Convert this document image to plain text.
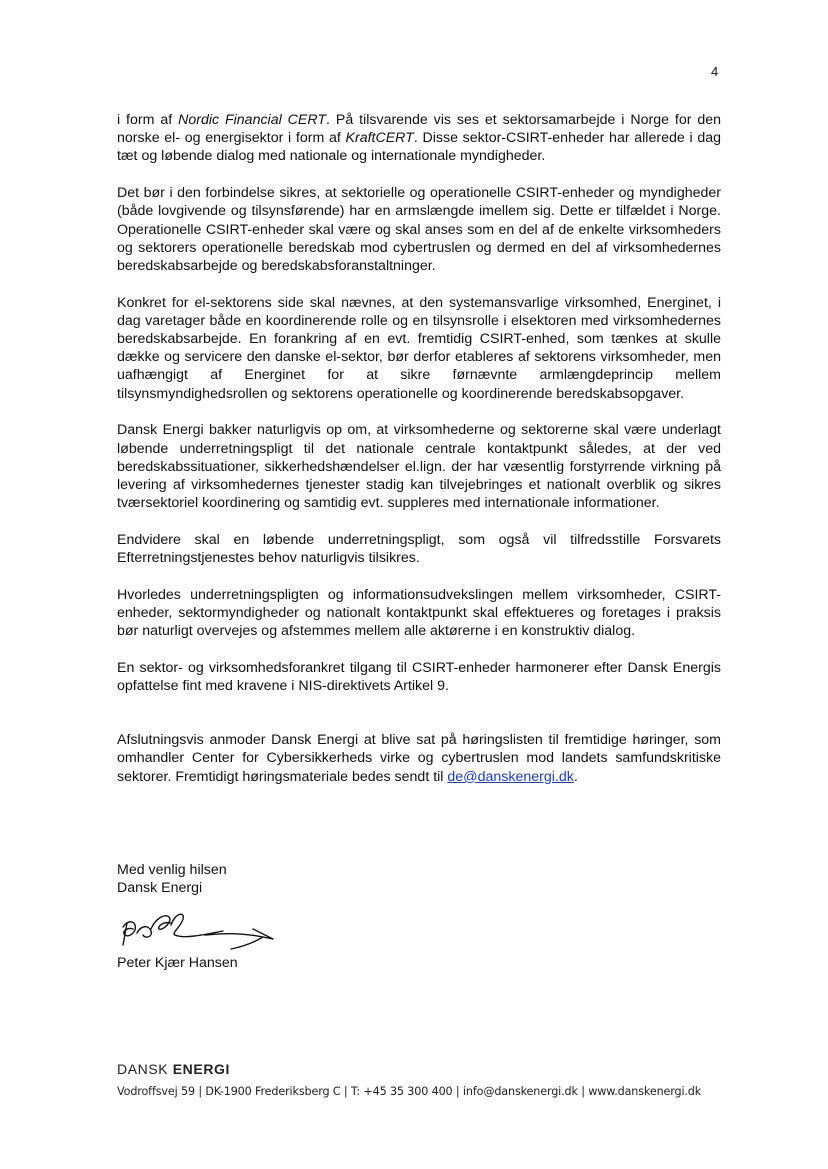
4

i form af Nordic Financial CERT. På tilsvarende vis ses et sektorsamarbejde i Norge for den norske el- og energisektor i form af KraftCERT. Disse sektor-CSIRT-enheder har allerede i dag tæt og løbende dialog med nationale og internationale myndigheder.

Det bør i den forbindelse sikres, at sektorielle og operationelle CSIRT-enheder og myndigheder (både lovgivende og tilsynsførende) har en armslængde imellem sig. Dette er tilfældet i Norge. Operationelle CSIRT-enheder skal være og skal anses som en del af de enkelte virksomheders og sektorers operationelle beredskab mod cybertruslen og dermed en del af virksomhedernes beredskabsarbejde og beredskabsforanstaltninger.

Konkret for el-sektorens side skal nævnes, at den systemansvarlige virksomhed, Energinet, i dag varetager både en koordinerende rolle og en tilsynsrolle i elsektoren med virksomhedernes beredskabsarbejde. En forankring af en evt. fremtidig CSIRT-enhed, som tænkes at skulle dække og servicere den danske el-sektor, bør derfor etableres af sektorens virksomheder, men uafhængigt af Energinet for at sikre førnævnte armlængdeprincip mellem tilsynsmyndighedsrollen og sektorens operationelle og koordinerende beredskabsopgaver.

Dansk Energi bakker naturligvis op om, at virksomhederne og sektorerne skal være underlagt løbende underretningspligt til det nationale centrale kontaktpunkt således, at der ved beredskabssituationer, sikkerhedshændelser el.lign. der har væsentlig forstyrrende virkning på levering af virksomhedernes tjenester stadig kan tilvejebringes et nationalt overblik og sikres tværsektoriel koordinering og samtidig evt. suppleres med internationale informationer.

Endvidere skal en løbende underretningspligt, som også vil tilfredsstille Forsvarets Efterretningstjenestes behov naturligvis tilsikres.

Hvorledes underretningspligten og informationsudvekslingen mellem virksomheder, CSIRT-enheder, sektormyndigheder og nationalt kontaktpunkt skal effektueres og foretages i praksis bør naturligt overvejes og afstemmes mellem alle aktørerne i en konstruktiv dialog.

En sektor- og virksomhedsforankret tilgang til CSIRT-enheder harmonerer efter Dansk Energis opfattelse fint med kravene i NIS-direktivets Artikel 9.

Afslutningsvis anmoder Dansk Energi at blive sat på høringslisten til fremtidige høringer, som omhandler Center for Cybersikkerheds virke og cybertruslen mod landets samfundskritiske sektorer. Fremtidigt høringsmateriale bedes sendt til de@danskenergi.dk.

Med venlig hilsen
Dansk Energi
Peter Kjær Hansen
DANSK ENERGI
Vodroffsvej 59 | DK-1900 Frederiksberg C | T: +45 35 300 400 | info@danskenergi.dk | www.danskenergi.dk
